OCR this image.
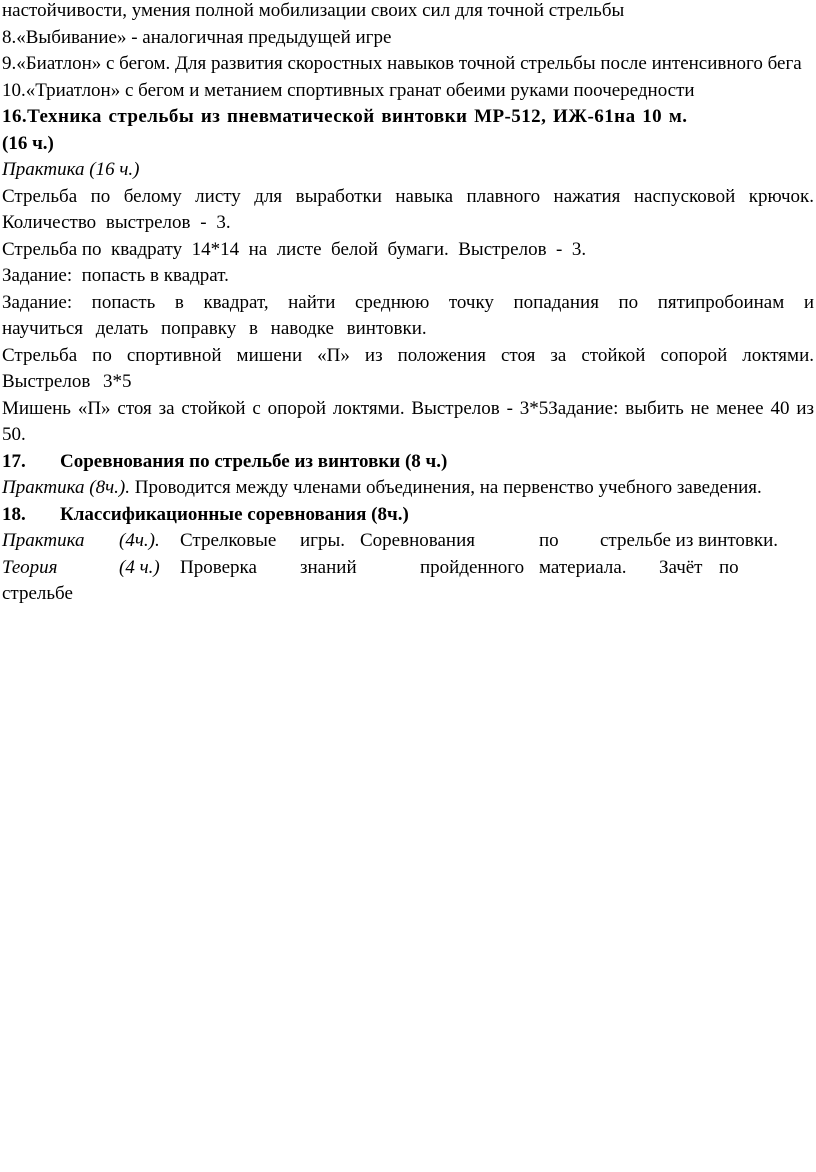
настойчивости, умения полной мобилизации своих сил для точной стрельбы

8.«Выбивание» - аналогичная предыдущей игре

9.«Биатлон» с бегом. Для развития скоростных навыков точной стрельбы после интенсивного бега

10.«Триатлон» с бегом и метанием спортивных гранат обеими руками поочередности

16.Техника стрельбы из пневматической винтовки МР-512, ИЖ-61на 10 м.

(16 ч.)

Практика (16 ч.)

Стрельба по белому листу для выработки навыка плавного нажатия наспусковой крючок. Количество выстрелов - 3.

Стрельба по  квадрату  14*14  на  листе  белой  бумаги.  Выстрелов  -  3.

Задание:  попасть в квадрат.

Задание: попасть в квадрат, найти среднюю точку попадания по пятипробоинам и научиться делать поправку в наводке винтовки.

Стрельба по спортивной мишени «П» из положения стоя за стойкой сопорой локтями. Выстрелов 3*5

Мишень «П» стоя за стойкой с опорой локтями. Выстрелов - 3*5Задание: выбить не менее 40 из 50.

17. Соревнования по стрельбе из винтовки (8 ч.)

Практика (8ч.). Проводится между членами объединения, на первенство учебного заведения.

18. Классификационные соревнования (8ч.)

Практика (4ч.). Стрелковые игры. Соревнования	по стрельбе из винтовки.
Теория	(4 ч.) Проверка знаний	пройденного материала. Зачёт по

стрельбе
